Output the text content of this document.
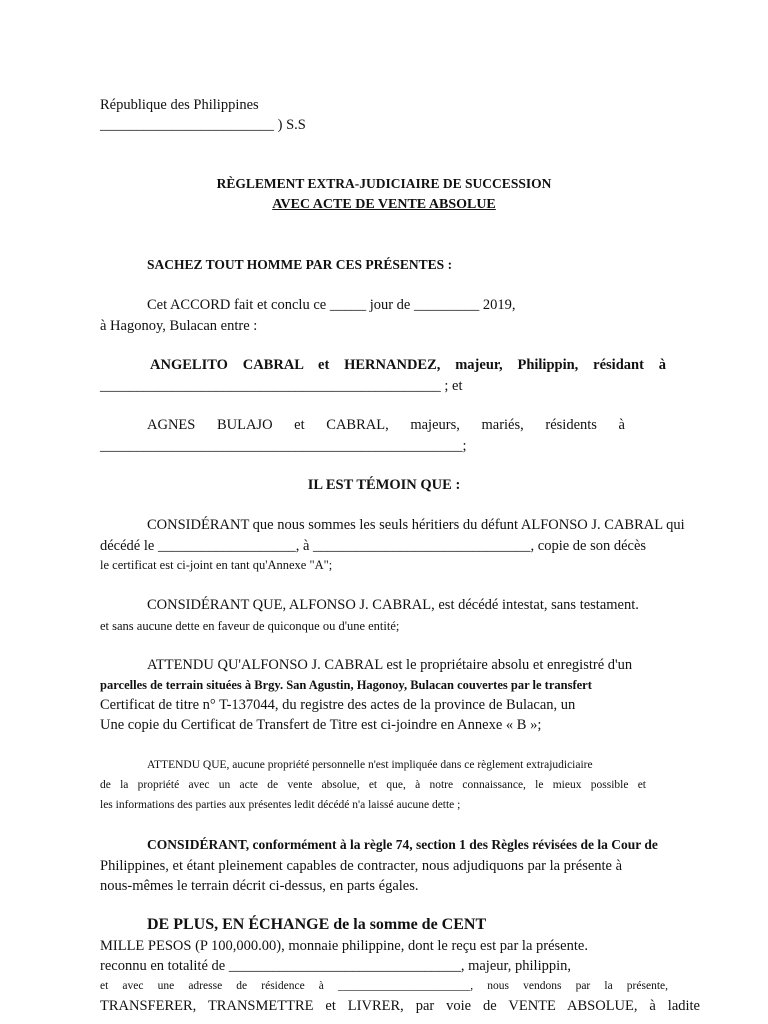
République des Philippines
________________________ ) S.S
RÈGLEMENT EXTRA-JUDICIAIRE DE SUCCESSION
AVEC ACTE DE VENTE ABSOLUE
SACHEZ TOUT HOMME PAR CES PRÉSENTES :
Cet ACCORD fait et conclu ce _____ jour de _________ 2019,
à Hagonoy, Bulacan entre :
ANGELITO CABRAL et HERNANDEZ, majeur, Philippin, résidant à
_______________________________________________ ; et
AGNES BULAJO et CABRAL, majeurs, mariés, résidents à
__________________________________________________;
IL EST TÉMOIN QUE :
CONSIDÉRANT que nous sommes les seuls héritiers du défunt ALFONSO J. CABRAL qui
décédé le ___________________, à ______________________________, copie de son décès
le certificat est ci-joint en tant qu'Annexe "A";
CONSIDÉRANT QUE, ALFONSO J. CABRAL, est décédé intestat, sans testament.
et sans aucune dette en faveur de quiconque ou d'une entité;
ATTENDU QU'ALFONSO J. CABRAL est le propriétaire absolu et enregistré d'un
parcelles de terrain situées à Brgy. San Agustin, Hagonoy, Bulacan couvertes par le transfert
Certificat de titre n° T-137044, du registre des actes de la province de Bulacan, un
Une copie du Certificat de Transfert de Titre est ci-joindre en Annexe « B »;
ATTENDU QUE, aucune propriété personnelle n'est impliquée dans ce règlement extrajudiciaire
de la propriété avec un acte de vente absolue, et que, à notre connaissance, le mieux possible et
les informations des parties aux présentes ledit décédé n'a laissé aucune dette ;
CONSIDÉRANT, conformément à la règle 74, section 1 des Règles révisées de la Cour de
Philippines, et étant pleinement capables de contracter, nous adjudiquons par la présente à
nous-mêmes le terrain décrit ci-dessus, en parts égales.
DE PLUS, EN ÉCHANGE de la somme de CENT
MILLE PESOS (P 100,000.00), monnaie philippine, dont le reçu est par la présente.
reconnu en totalité de ________________________________, majeur, philippin,
et avec une adresse de résidence à _______________________, nous vendons par la présente,
TRANSFERER, TRANSMETTRE et LIVRER, par voie de VENTE ABSOLUE, à ladite
